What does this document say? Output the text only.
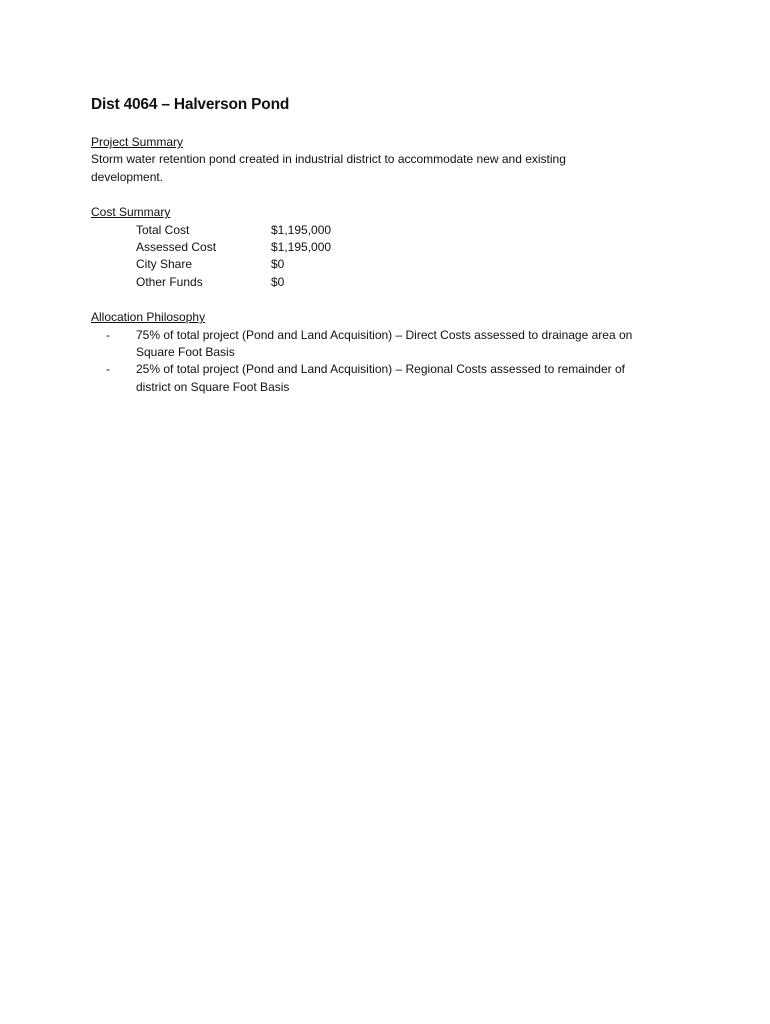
Dist 4064 – Halverson Pond
Project Summary
Storm water retention pond created in industrial district to accommodate new and existing development.
Cost Summary
Total Cost	$1,195,000
Assessed Cost	$1,195,000
City Share	$0
Other Funds	$0
Allocation Philosophy
-	75% of total project (Pond and Land Acquisition) – Direct Costs assessed to drainage area on Square Foot Basis
-	25% of total project (Pond and Land Acquisition) – Regional Costs assessed to remainder of district on Square Foot Basis
